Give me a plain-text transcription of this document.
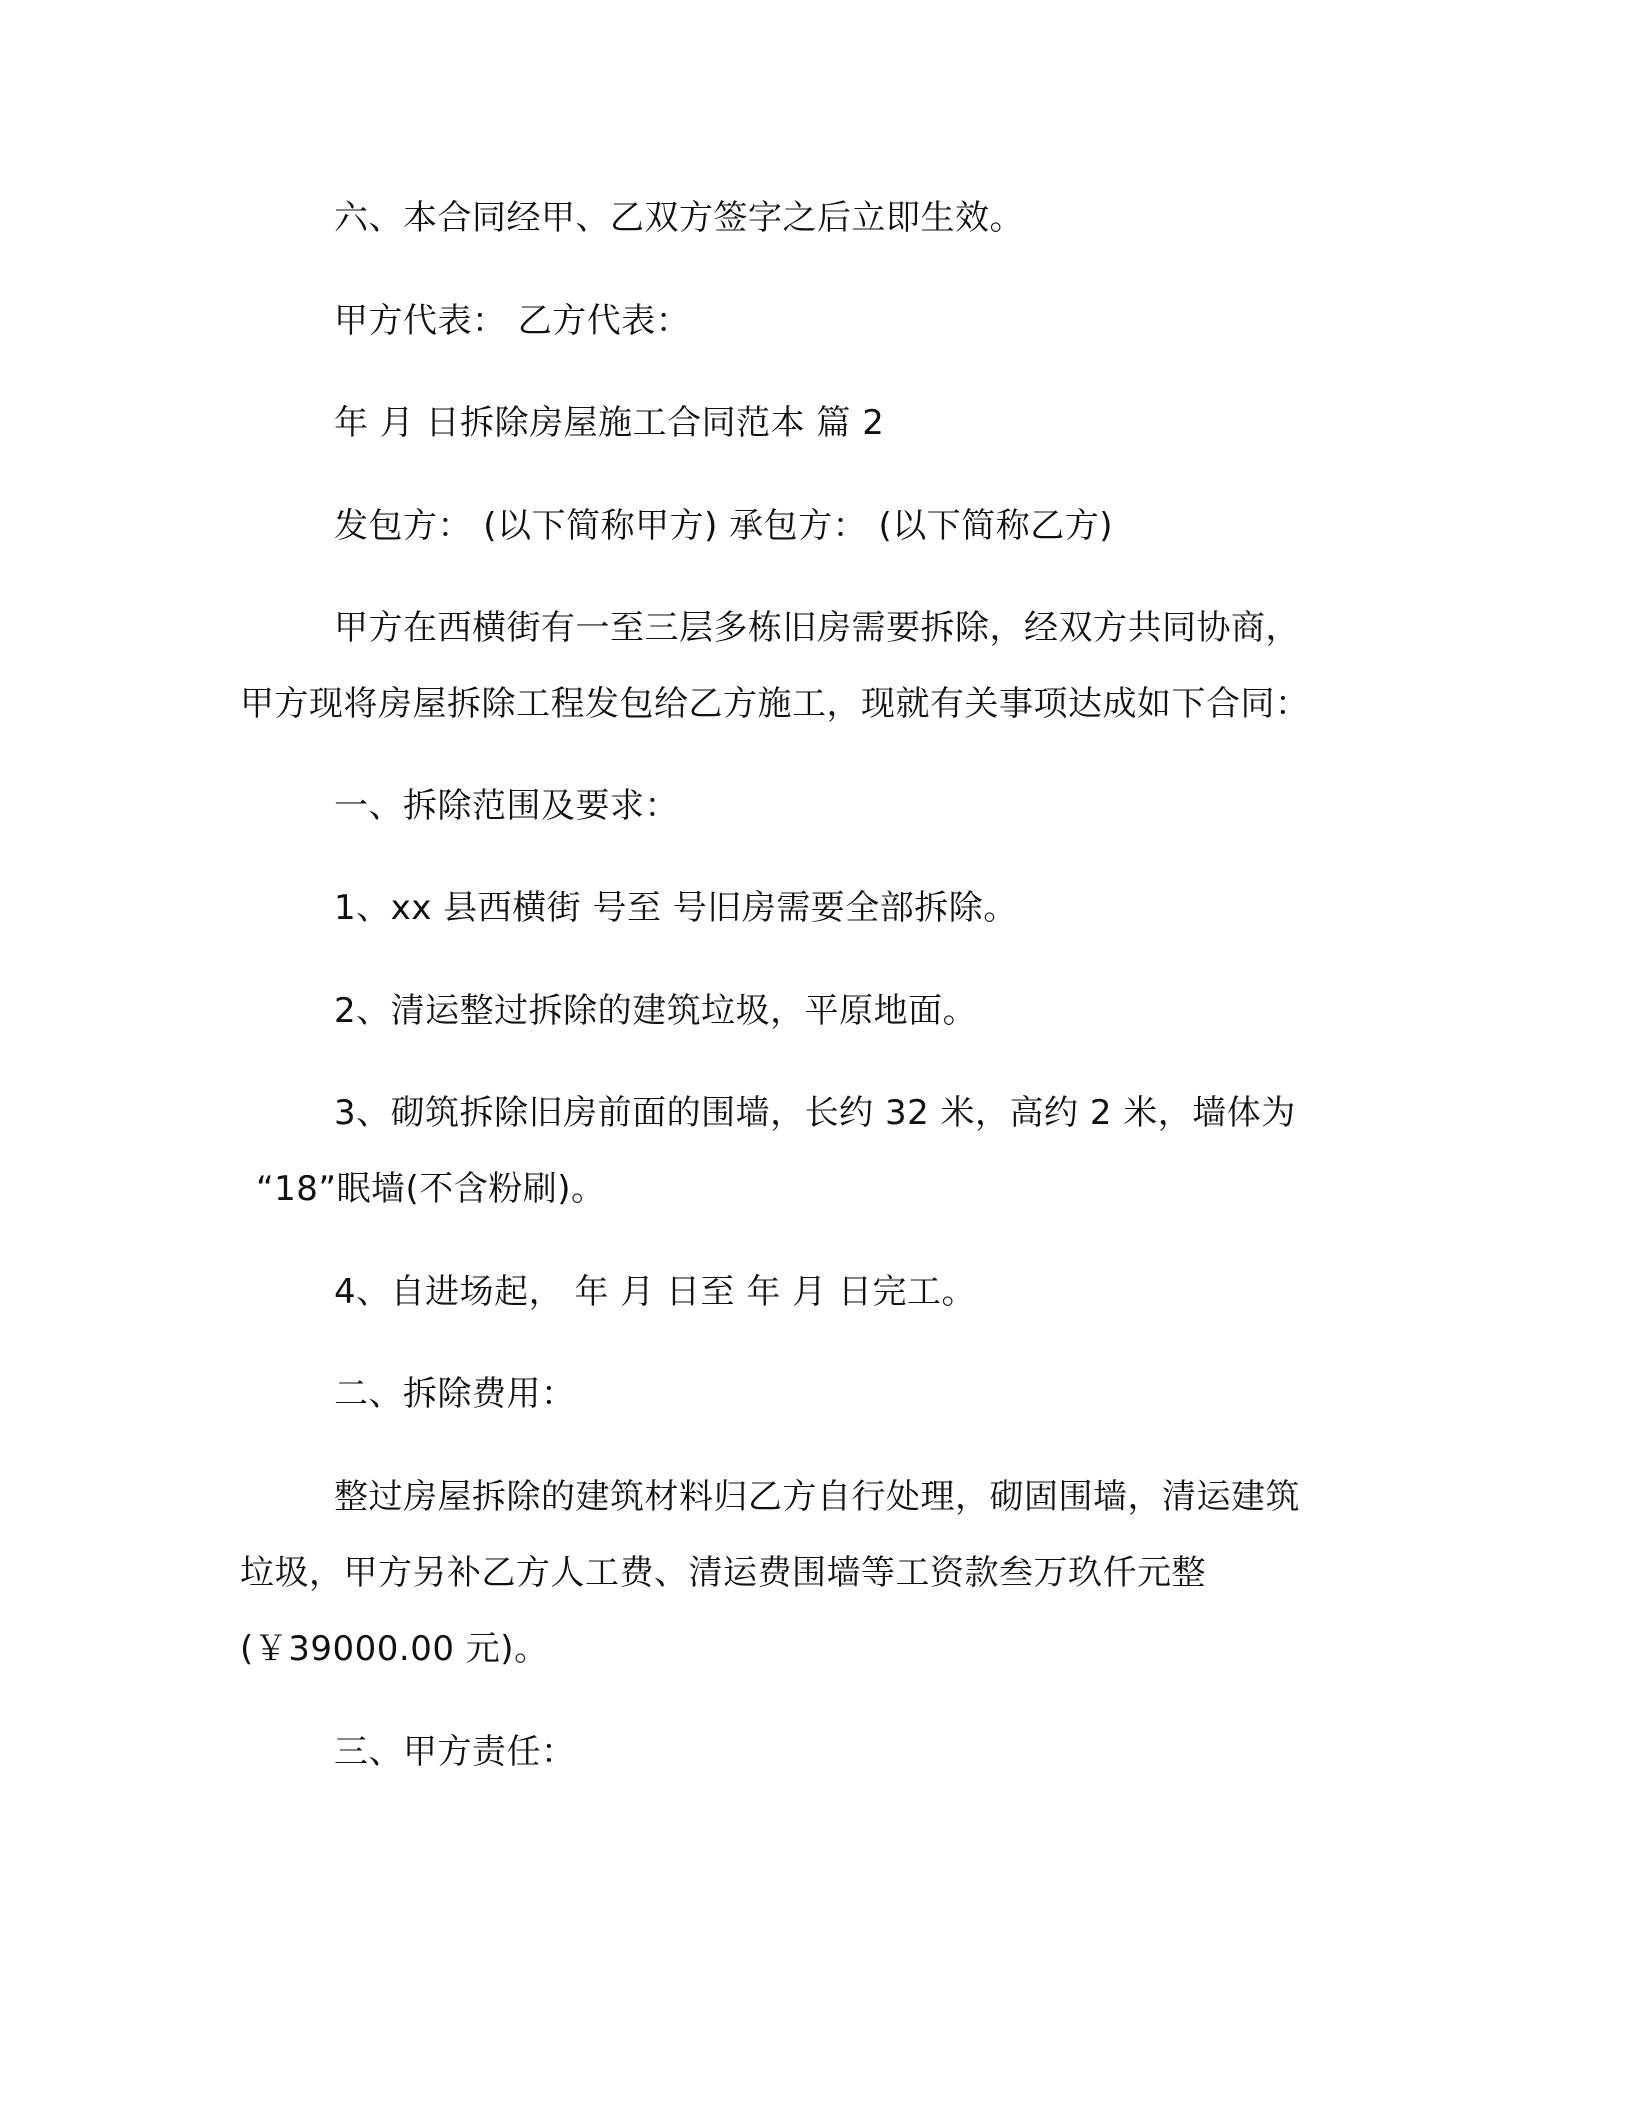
六、本合同经甲、乙双方签字之后立即生效。
甲方代表： 乙方代表：
年 月 日拆除房屋施工合同范本 篇 2
发包方： (以下简称甲方) 承包方： (以下简称乙方)
甲方在西横街有一至三层多栋旧房需要拆除，经双方共同协商，
甲方现将房屋拆除工程发包给乙方施工，现就有关事项达成如下合同：
一、拆除范围及要求：
1、xx 县西横街 号至 号旧房需要全部拆除。
2、清运整过拆除的建筑垃圾，平原地面。
3、砌筑拆除旧房前面的围墙，长约 32 米，高约 2 米，墙体为
“18”眠墙(不含粉刷)。
4、自进场起， 年 月 日至 年 月 日完工。
二、拆除费用：
整过房屋拆除的建筑材料归乙方自行处理，砌固围墙，清运建筑
垃圾，甲方另补乙方人工费、清运费围墙等工资款叁万玖仟元整
(￥39000.00 元)。
三、甲方责任：
